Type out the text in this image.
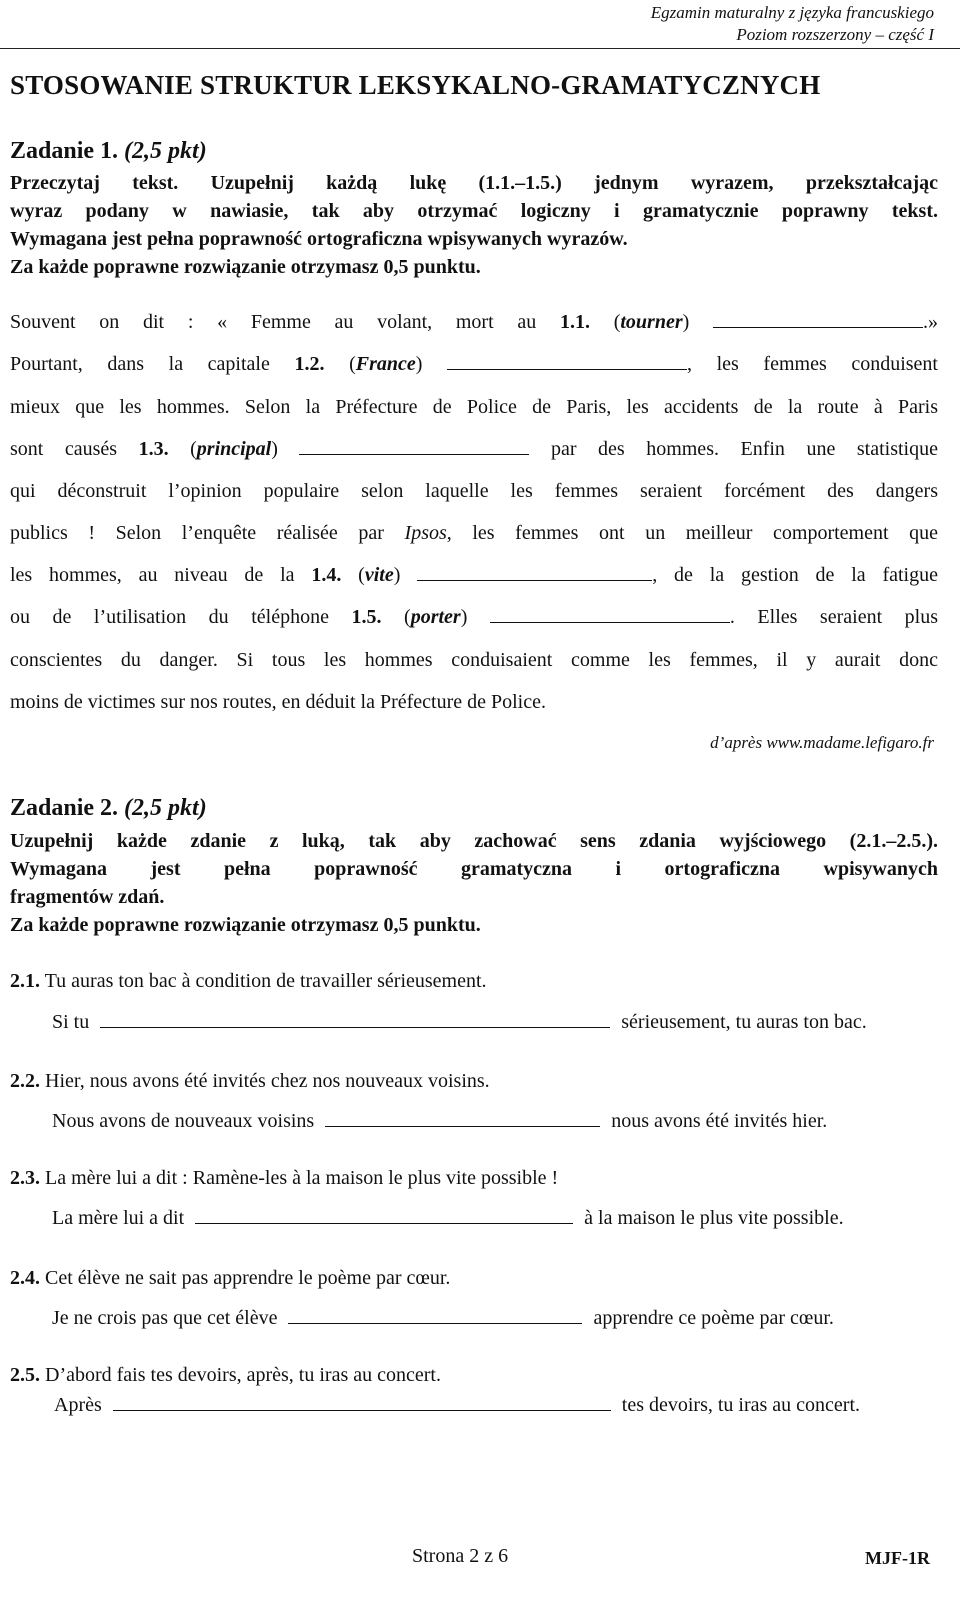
Egzamin maturalny z języka francuskiego
Poziom rozszerzony – część I
STOSOWANIE STRUKTUR LEKSYKALNO-GRAMATYCZNYCH
Zadanie 1. (2,5 pkt)
Przeczytaj tekst. Uzupełnij każdą lukę (1.1.–1.5.) jednym wyrazem, przekształcając
wyraz podany w nawiasie, tak aby otrzymać logiczny i gramatycznie poprawny tekst.
Wymagana jest pełna poprawność ortograficzna wpisywanych wyrazów.
Za każde poprawne rozwiązanie otrzymasz 0,5 punktu.
Souvent on dit : « Femme au volant, mort au 1.1. (tourner)	.»
Pourtant, dans la capitale 1.2. (France)	, les femmes conduisent
mieux que les hommes. Selon la Préfecture de Police de Paris, les accidents de la route à Paris
sont causés 1.3. (principal)	par des hommes. Enfin une statistique
qui déconstruit l’opinion populaire selon laquelle les femmes seraient forcément des dangers
publics ! Selon l’enquête réalisée par Ipsos, les femmes ont un meilleur comportement que
les hommes, au niveau de la 1.4. (vite)	, de la gestion de la fatigue
ou de l’utilisation du téléphone 1.5. (porter)	. Elles seraient plus
conscientes du danger. Si tous les hommes conduisaient comme les femmes, il y aurait donc
moins de victimes sur nos routes, en déduit la Préfecture de Police.
d’après www.madame.lefigaro.fr
Zadanie 2. (2,5 pkt)
Uzupełnij każde zdanie z luką, tak aby zachować sens zdania wyjściowego (2.1.–2.5.).
Wymagana jest pełna poprawność gramatyczna i ortograficzna wpisywanych
fragmentów zdań.
Za każde poprawne rozwiązanie otrzymasz 0,5 punktu.
2.1. Tu auras ton bac à condition de travailler sérieusement.
Si tu	sérieusement, tu auras ton bac.
2.2. Hier, nous avons été invités chez nos nouveaux voisins.
Nous avons de nouveaux voisins	nous avons été invités hier.
2.3. La mère lui a dit : Ramène-les à la maison le plus vite possible !
La mère lui a dit	à la maison le plus vite possible.
2.4. Cet élève ne sait pas apprendre le poème par cœur.
Je ne crois pas que cet élève	apprendre ce poème par cœur.
2.5. D’abord fais tes devoirs, après, tu iras au concert.
Après	tes devoirs, tu iras au concert.
Strona 2 z 6	MJF-1R
